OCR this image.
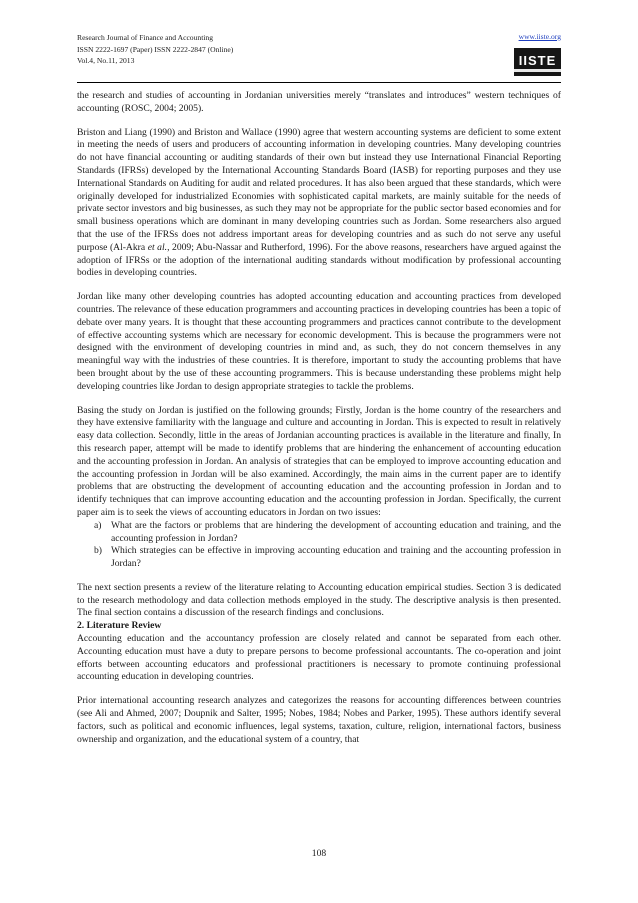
Research Journal of Finance and Accounting
ISSN 2222-1697 (Paper) ISSN 2222-2847 (Online)
Vol.4, No.11, 2013
www.iiste.org
IISTE

the research and studies of accounting in Jordanian universities merely “translates and introduces” western techniques of accounting (ROSC, 2004; 2005).

Briston and Liang (1990) and Briston and Wallace (1990) agree that western accounting systems are deficient to some extent in meeting the needs of users and producers of accounting information in developing countries. Many developing countries do not have financial accounting or auditing standards of their own but instead they use International Financial Reporting Standards (IFRSs) developed by the International Accounting Standards Board (IASB) for reporting purposes and they use International Standards on Auditing for audit and related procedures. It has also been argued that these standards, which were originally developed for industrialized Economies with sophisticated capital markets, are mainly suitable for the needs of private sector investors and big businesses, as such they may not be appropriate for the public sector based economies and for small business operations which are dominant in many developing countries such as Jordan. Some researchers also argued that the use of the IFRSs does not address important areas for developing countries and as such do not serve any useful purpose (Al-Akra et al., 2009; Abu-Nassar and Rutherford, 1996). For the above reasons, researchers have argued against the adoption of IFRSs or the adoption of the international auditing standards without modification by professional accounting bodies in developing countries.

Jordan like many other developing countries has adopted accounting education and accounting practices from developed countries. The relevance of these education programmers and accounting practices in developing countries has been a topic of debate over many years. It is thought that these accounting programmers and practices cannot contribute to the development of effective accounting systems which are necessary for economic development. This is because the programmers were not designed with the environment of developing countries in mind and, as such, they do not concern themselves in any meaningful way with the industries of these countries. It is therefore, important to study the accounting problems that have been brought about by the use of these accounting programmers. This is because understanding these problems might help developing countries like Jordan to design appropriate strategies to tackle the problems.

Basing the study on Jordan is justified on the following grounds; Firstly, Jordan is the home country of the researchers and they have extensive familiarity with the language and culture and accounting in Jordan. This is expected to result in relatively easy data collection. Secondly, little in the areas of Jordanian accounting practices is available in the literature and finally, In this research paper, attempt will be made to identify problems that are hindering the enhancement of accounting education and the accounting profession in Jordan. An analysis of strategies that can be employed to improve accounting education and the accounting profession in Jordan will be also examined. Accordingly, the main aims in the current paper are to identify problems that are obstructing the development of accounting education and the accounting profession in Jordan and to identify techniques that can improve accounting education and the accounting profession in Jordan. Specifically, the current paper aim is to seek the views of accounting educators in Jordan on two issues:

a) What are the factors or problems that are hindering the development of accounting education and training, and the accounting profession in Jordan?
b) Which strategies can be effective in improving accounting education and training and the accounting profession in Jordan?

The next section presents a review of the literature relating to Accounting education empirical studies. Section 3 is dedicated to the research methodology and data collection methods employed in the study. The descriptive analysis is then presented. The final section contains a discussion of the research findings and conclusions.

2. Literature Review

Accounting education and the accountancy profession are closely related and cannot be separated from each other. Accounting education must have a duty to prepare persons to become professional accountants. The co-operation and joint efforts between accounting educators and professional practitioners is necessary to promote continuing professional accounting education in developing countries.

Prior international accounting research analyzes and categorizes the reasons for accounting differences between countries (see Ali and Ahmed, 2007; Doupnik and Salter, 1995; Nobes, 1984; Nobes and Parker, 1995). These authors identify several factors, such as political and economic influences, legal systems, taxation, culture, religion, international factors, business ownership and organization, and the educational system of a country, that

108
